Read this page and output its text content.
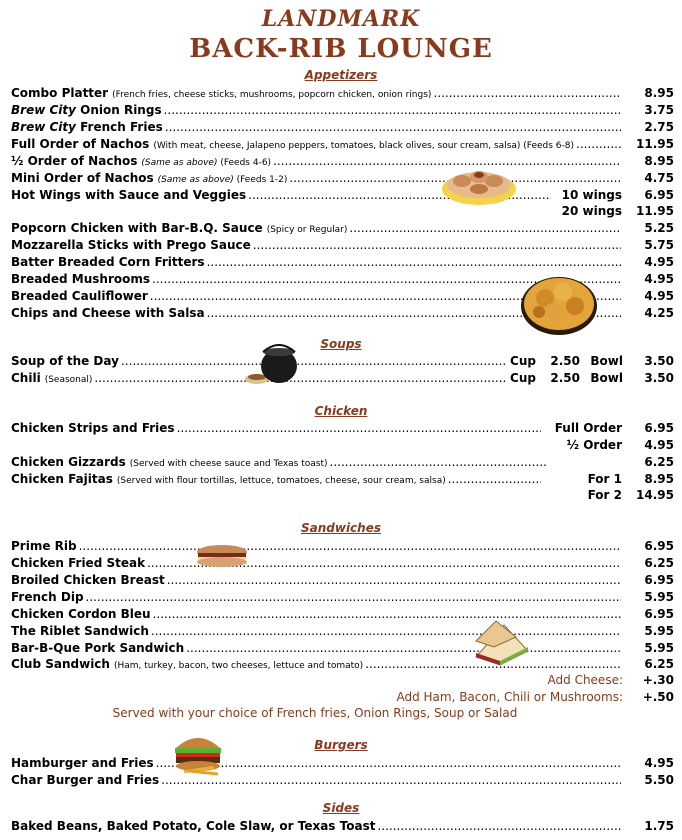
LANDMARK
BACK-RIB LOUNGE
Appetizers
Combo Platter (French fries, cheese sticks, mushrooms, popcorn chicken, onion rings) .....	8.95
Brew City Onion Rings .....	3.75
Brew City French Fries .....	2.75
Full Order of Nachos (With meat, cheese, Jalapeno peppers, tomatoes, black olives, sour cream, salsa) (Feeds 6-8) .....	11.95
½ Order of Nachos (Same as above) (Feeds 4-6) .....	8.95
Mini Order of Nachos (Same as above) (Feeds 1-2) .....	4.75
Hot Wings with Sauce and Veggies .....	10 wings	6.95
20 wings	11.95
Popcorn Chicken with Bar-B.Q. Sauce (Spicy or Regular) .....	5.25
Mozzarella Sticks with Prego Sauce .....	5.75
Batter Breaded Corn Fritters .....	4.95
Breaded Mushrooms .....	4.95
Breaded Cauliflower .....	4.95
Chips and Cheese with Salsa .....	4.25
Soups
Soup of the Day .....	Cup	2.50 Bowl	3.50
Chili (Seasonal) .....	Cup	2.50 Bowl	3.50
Chicken
Chicken Strips and Fries .....	Full Order	6.95
½ Order	4.95
Chicken Gizzards (Served with cheese sauce and Texas toast) .....	6.25
Chicken Fajitas (Served with flour tortillas, lettuce, tomatoes, cheese, sour cream, salsa) .....	For 1	8.95
For 2	14.95
Sandwiches
Prime Rib .....	6.95
Chicken Fried Steak .....	6.25
Broiled Chicken Breast .....	6.95
French Dip .....	5.95
Chicken Cordon Bleu .....	6.95
The Riblet Sandwich .....	5.95
Bar-B-Que Pork Sandwich .....	5.95
Club Sandwich (Ham, turkey, bacon, two cheeses, lettuce and tomato) .....	6.25
Add Cheese:	+.30
Add Ham, Bacon, Chili or Mushrooms:	+.50
Served with your choice of French fries, Onion Rings, Soup or Salad
Burgers
Hamburger and Fries .....	4.95
Char Burger and Fries .....	5.50
Sides
Baked Beans, Baked Potato, Cole Slaw, or Texas Toast .....	1.75
